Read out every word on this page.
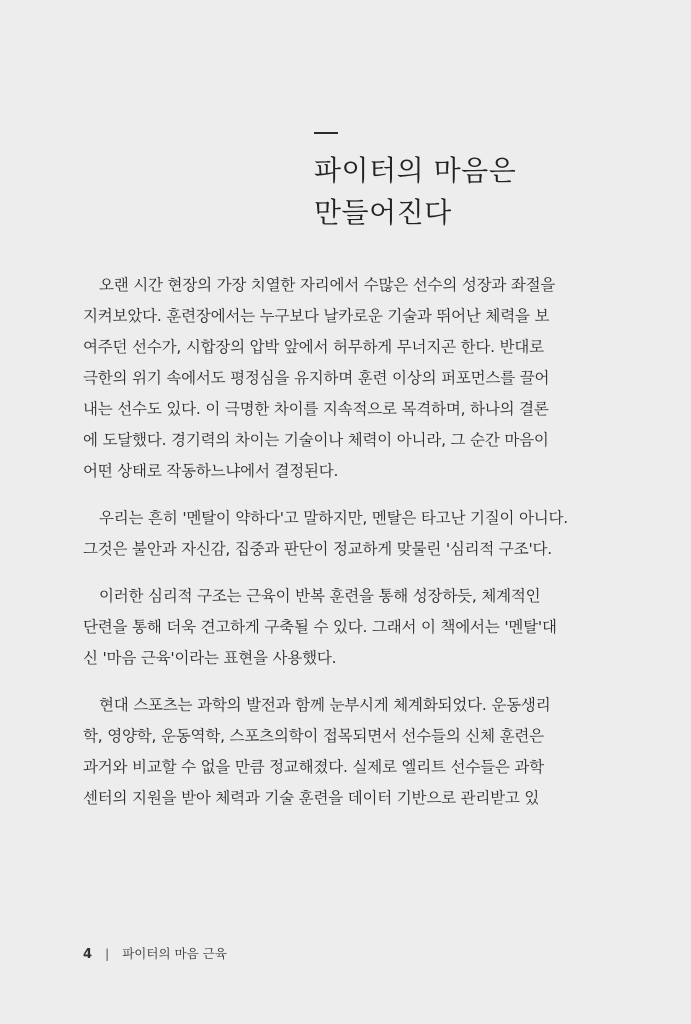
파이터의 마음은
만들어진다

오랜 시간 현장의 가장 치열한 자리에서 수많은 선수의 성장과 좌절을
지켜보았다. 훈련장에서는 누구보다 날카로운 기술과 뛰어난 체력을 보
여주던 선수가, 시합장의 압박 앞에서 허무하게 무너지곤 한다. 반대로
극한의 위기 속에서도 평정심을 유지하며 훈련 이상의 퍼포먼스를 끌어
내는 선수도 있다. 이 극명한 차이를 지속적으로 목격하며, 하나의 결론
에 도달했다. 경기력의 차이는 기술이나 체력이 아니라, 그 순간 마음이
어떤 상태로 작동하느냐에서 결정된다.

우리는 흔히 '멘탈이 약하다'고 말하지만, 멘탈은 타고난 기질이 아니다.
그것은 불안과 자신감, 집중과 판단이 정교하게 맞물린 '심리적 구조'다.

이러한 심리적 구조는 근육이 반복 훈련을 통해 성장하듯, 체계적인
단련을 통해 더욱 견고하게 구축될 수 있다. 그래서 이 책에서는 '멘탈'대
신 '마음 근육'이라는 표현을 사용했다.

현대 스포츠는 과학의 발전과 함께 눈부시게 체계화되었다. 운동생리
학, 영양학, 운동역학, 스포츠의학이 접목되면서 선수들의 신체 훈련은
과거와 비교할 수 없을 만큼 정교해졌다. 실제로 엘리트 선수들은 과학
센터의 지원을 받아 체력과 기술 훈련을 데이터 기반으로 관리받고 있

4 | 파이터의 마음 근육
